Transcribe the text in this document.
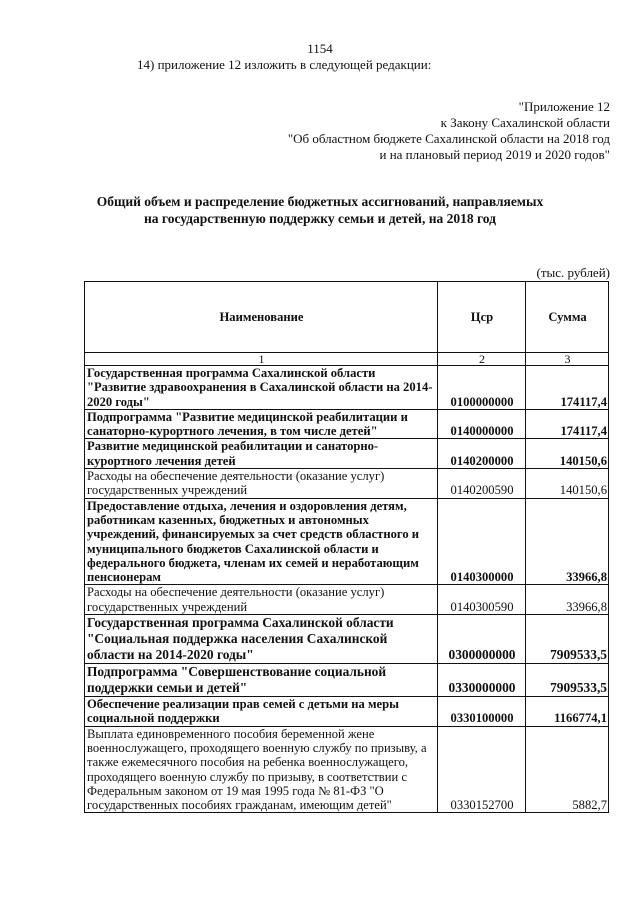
1154
14) приложение 12 изложить в следующей редакции:
"Приложение 12
к Закону Сахалинской области
"Об областном бюджете Сахалинской области на 2018 год
и на плановый период 2019 и 2020 годов"
Общий объем и распределение бюджетных ассигнований, направляемых
на государственную поддержку семьи и детей, на 2018 год
(тыс. рублей)
Наименование	Цср	Сумма
1	2	3
Государственная программа Сахалинской области "Развитие здравоохранения в Сахалинской области на 2014-2020 годы"	0100000000	174117,4
Подпрограмма "Развитие медицинской реабилитации и санаторно-курортного лечения, в том числе детей"	0140000000	174117,4
Развитие медицинской реабилитации и санаторно-курортного лечения детей	0140200000	140150,6
Расходы на обеспечение деятельности (оказание услуг) государственных учреждений	0140200590	140150,6
Предоставление отдыха, лечения и оздоровления детям, работникам казенных, бюджетных и автономных учреждений, финансируемых за счет средств областного и муниципального бюджетов Сахалинской области и федерального бюджета, членам их семей и неработающим пенсионерам	0140300000	33966,8
Расходы на обеспечение деятельности (оказание услуг) государственных учреждений	0140300590	33966,8
Государственная программа Сахалинской области "Социальная поддержка населения Сахалинской области на 2014-2020 годы"	0300000000	7909533,5
Подпрограмма "Совершенствование социальной поддержки семьи и детей"	0330000000	7909533,5
Обеспечение реализации прав семей с детьми на меры социальной поддержки	0330100000	1166774,1
Выплата единовременного пособия беременной жене военнослужащего, проходящего военную службу по призыву, а также ежемесячного пособия на ребенка военнослужащего, проходящего военную службу по призыву, в соответствии с Федеральным законом от 19 мая 1995 года № 81-ФЗ "О государственных пособиях гражданам, имеющим детей"	0330152700	5882,7
